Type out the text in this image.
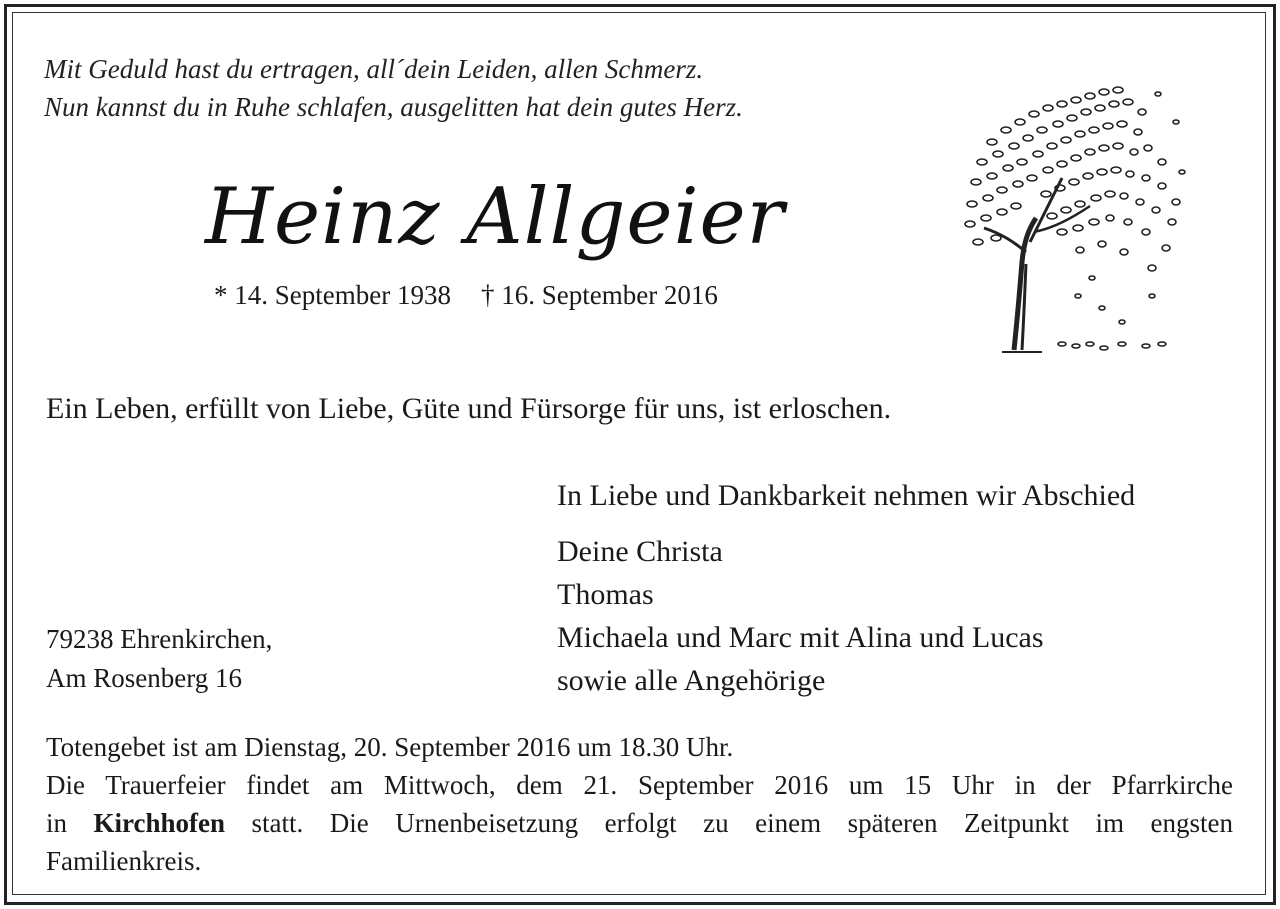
Mit Geduld hast du ertragen, all´dein Leiden, allen Schmerz.
Nun kannst du in Ruhe schlafen, ausgelitten hat dein gutes Herz.
Heinz Allgeier
* 14. September 1938 † 16. September 2016
Ein Leben, erfüllt von Liebe, Güte und Fürsorge für uns, ist erloschen.
In Liebe und Dankbarkeit nehmen wir Abschied
Deine Christa
Thomas
Michaela und Marc mit Alina und Lucas
sowie alle Angehörige
79238 Ehrenkirchen,
Am Rosenberg 16
Totengebet ist am Dienstag, 20. September 2016 um 18.30 Uhr.
Die Trauerfeier findet am Mittwoch, dem 21. September 2016 um 15 Uhr in der Pfarrkirche
in Kirchhofen statt. Die Urnenbeisetzung erfolgt zu einem späteren Zeitpunkt im engsten
Familienkreis.
